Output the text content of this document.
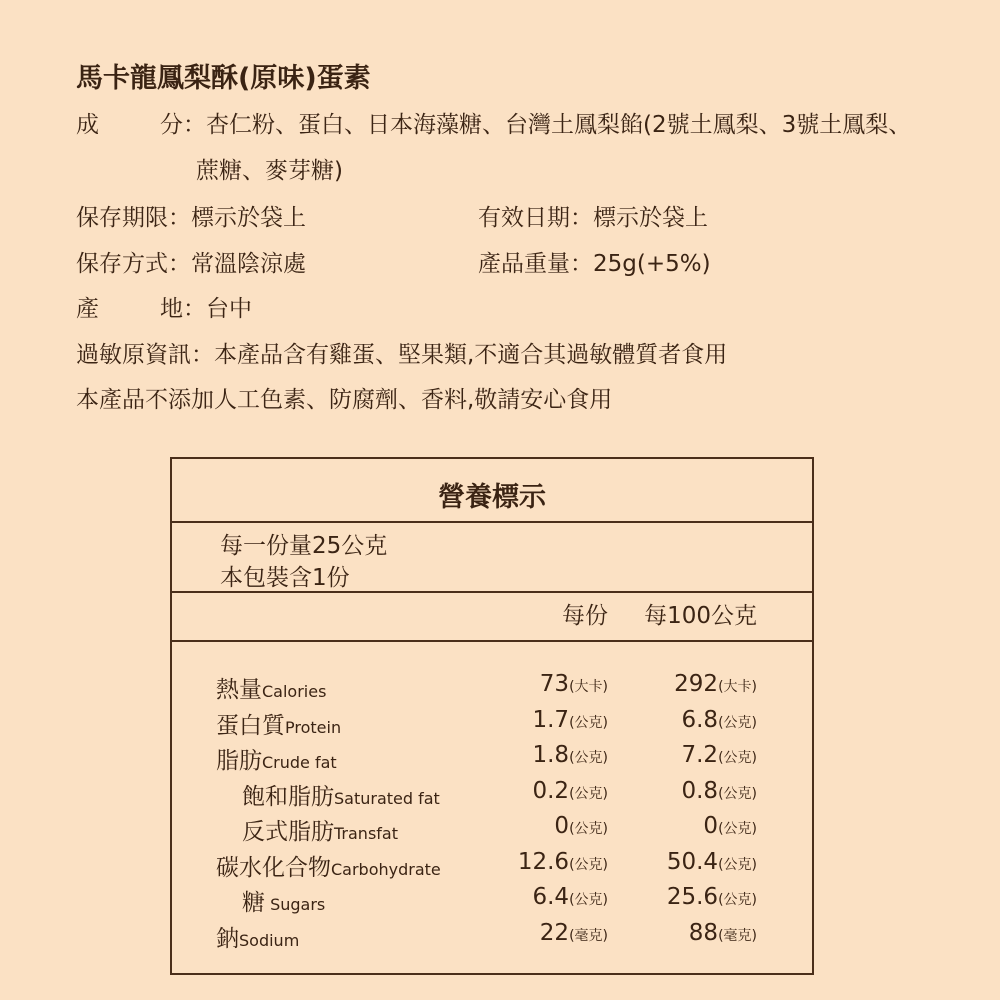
馬卡龍鳳梨酥(原味)蛋素
成	分：杏仁粉、蛋白、日本海藻糖、台灣土鳳梨餡(2號土鳳梨、3號土鳳梨、
蔗糖、麥芽糖)
保存期限：標示於袋上	有效日期：標示於袋上
保存方式：常溫陰涼處	產品重量：25g(+5%)
產	地：台中
過敏原資訊：本產品含有雞蛋、堅果類,不適合其過敏體質者食用
本產品不添加人工色素、防腐劑、香料,敬請安心食用
營養標示
每一份量25公克
本包裝含1份
每份 每100公克
熱量Calories	73(大卡)	292(大卡)
蛋白質Protein	1.7(公克)	6.8(公克)
脂肪Crude fat	1.8(公克)	7.2(公克)
飽和脂肪Saturated fat	0.2(公克)	0.8(公克)
反式脂肪Transfat	0(公克)	0(公克)
碳水化合物Carbohydrate	12.6(公克)	50.4(公克)
糖 Sugars	6.4(公克)	25.6(公克)
鈉Sodium	22(毫克)	88(毫克)
